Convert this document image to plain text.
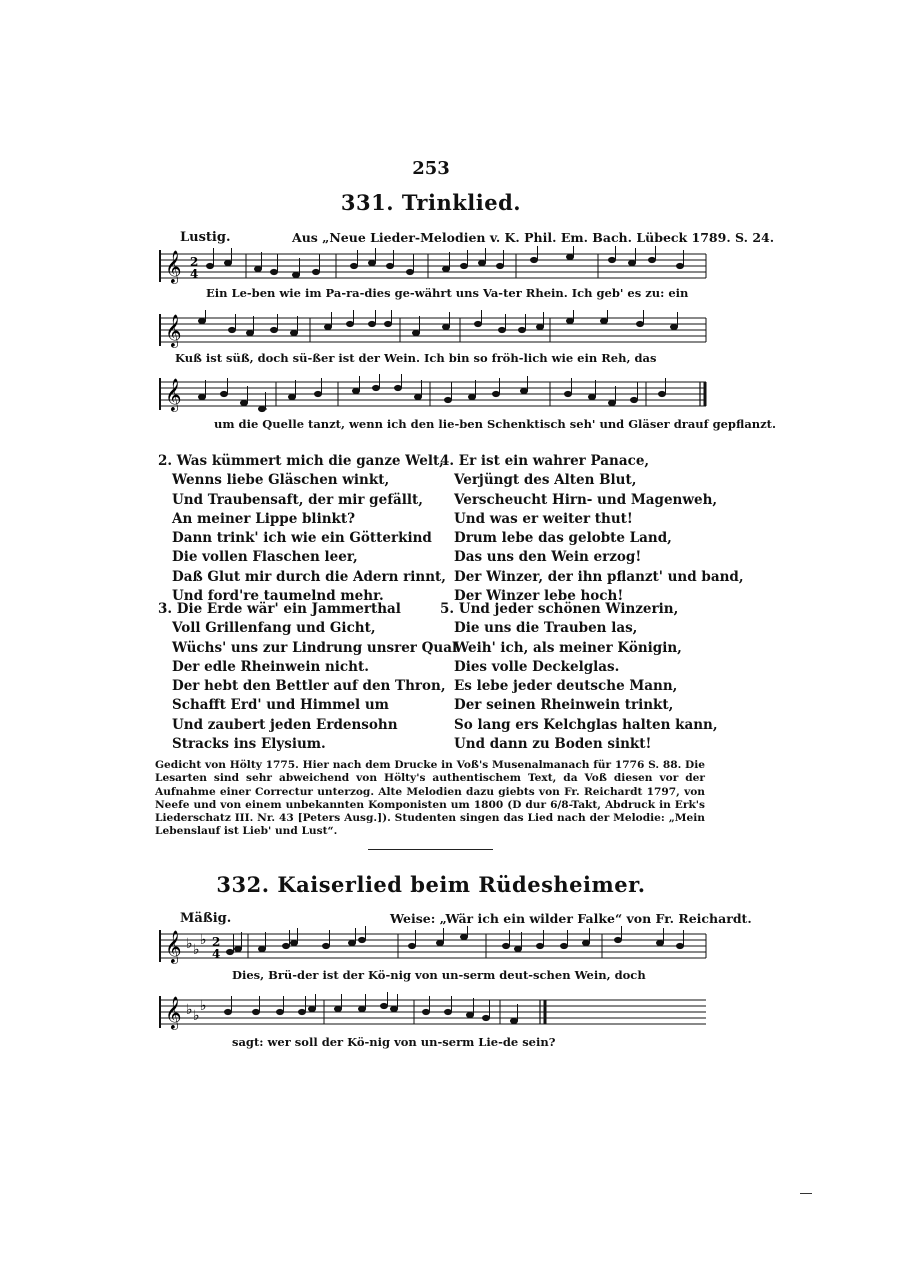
253
331. Trinklied.
Lustig.	Aus „Neue Lieder-Melodien v. K. Phil. Em. Bach. Lübeck 1789. S. 24.
𝄞 2
4
Ein Le-ben wie im Pa-ra-dies ge-währt uns Va-ter Rhein. Ich geb' es zu: ein
𝄞
Kuß ist süß, doch sü-ßer ist der Wein. Ich bin so fröh-lich wie ein Reh, das
𝄞
um die Quelle tanzt, wenn ich den lie-ben Schenktisch seh' und Gläser drauf gepflanzt.
2. Was kümmert mich die ganze Welt,
Wenns liebe Gläschen winkt,
Und Traubensaft, der mir gefällt,
An meiner Lippe blinkt?
Dann trink' ich wie ein Götterkind
Die vollen Flaschen leer,
Daß Glut mir durch die Adern rinnt,
Und ford're taumelnd mehr.
3. Die Erde wär' ein Jammerthal
Voll Grillenfang und Gicht,
Wüchs' uns zur Lindrung unsrer Qual
Der edle Rheinwein nicht.
Der hebt den Bettler auf den Thron,
Schafft Erd' und Himmel um
Und zaubert jeden Erdensohn
Stracks ins Elysium.
4. Er ist ein wahrer Panace,
Verjüngt des Alten Blut,
Verscheucht Hirn- und Magenweh,
Und was er weiter thut!
Drum lebe das gelobte Land,
Das uns den Wein erzog!
Der Winzer, der ihn pflanzt' und band,
Der Winzer lebe hoch!
5. Und jeder schönen Winzerin,
Die uns die Trauben las,
Weih' ich, als meiner Königin,
Dies volle Deckelglas.
Es lebe jeder deutsche Mann,
Der seinen Rheinwein trinkt,
So lang ers Kelchglas halten kann,
Und dann zu Boden sinkt!
Gedicht von Hölty 1775. Hier nach dem Drucke in Voß's Musenalmanach für 1776 S. 88. Die Lesarten sind sehr abweichend von Hölty's authentischem Text, da Voß diesen vor der Aufnahme einer Correctur unterzog. Alte Melodien dazu giebts von Fr. Reichardt 1797, von Neefe und von einem unbekannten Komponisten um 1800 (D dur 6/8-Takt, Abdruck in Erk's Liederschatz III. Nr. 43 [Peters Ausg.]). Studenten singen das Lied nach der Melodie: „Mein Lebenslauf ist Lieb' und Lust“.
332. Kaiserlied beim Rüdesheimer.
Mäßig.	Weise: „Wär ich ein wilder Falke“ von Fr. Reichardt.
𝄞 ♭ ♭
♭ 2
4
Dies, Brü-der ist der Kö-nig von un-serm deut-schen Wein, doch
𝄞 ♭ ♭
♭
sagt: wer soll der Kö-nig von un-serm Lie-de sein?
